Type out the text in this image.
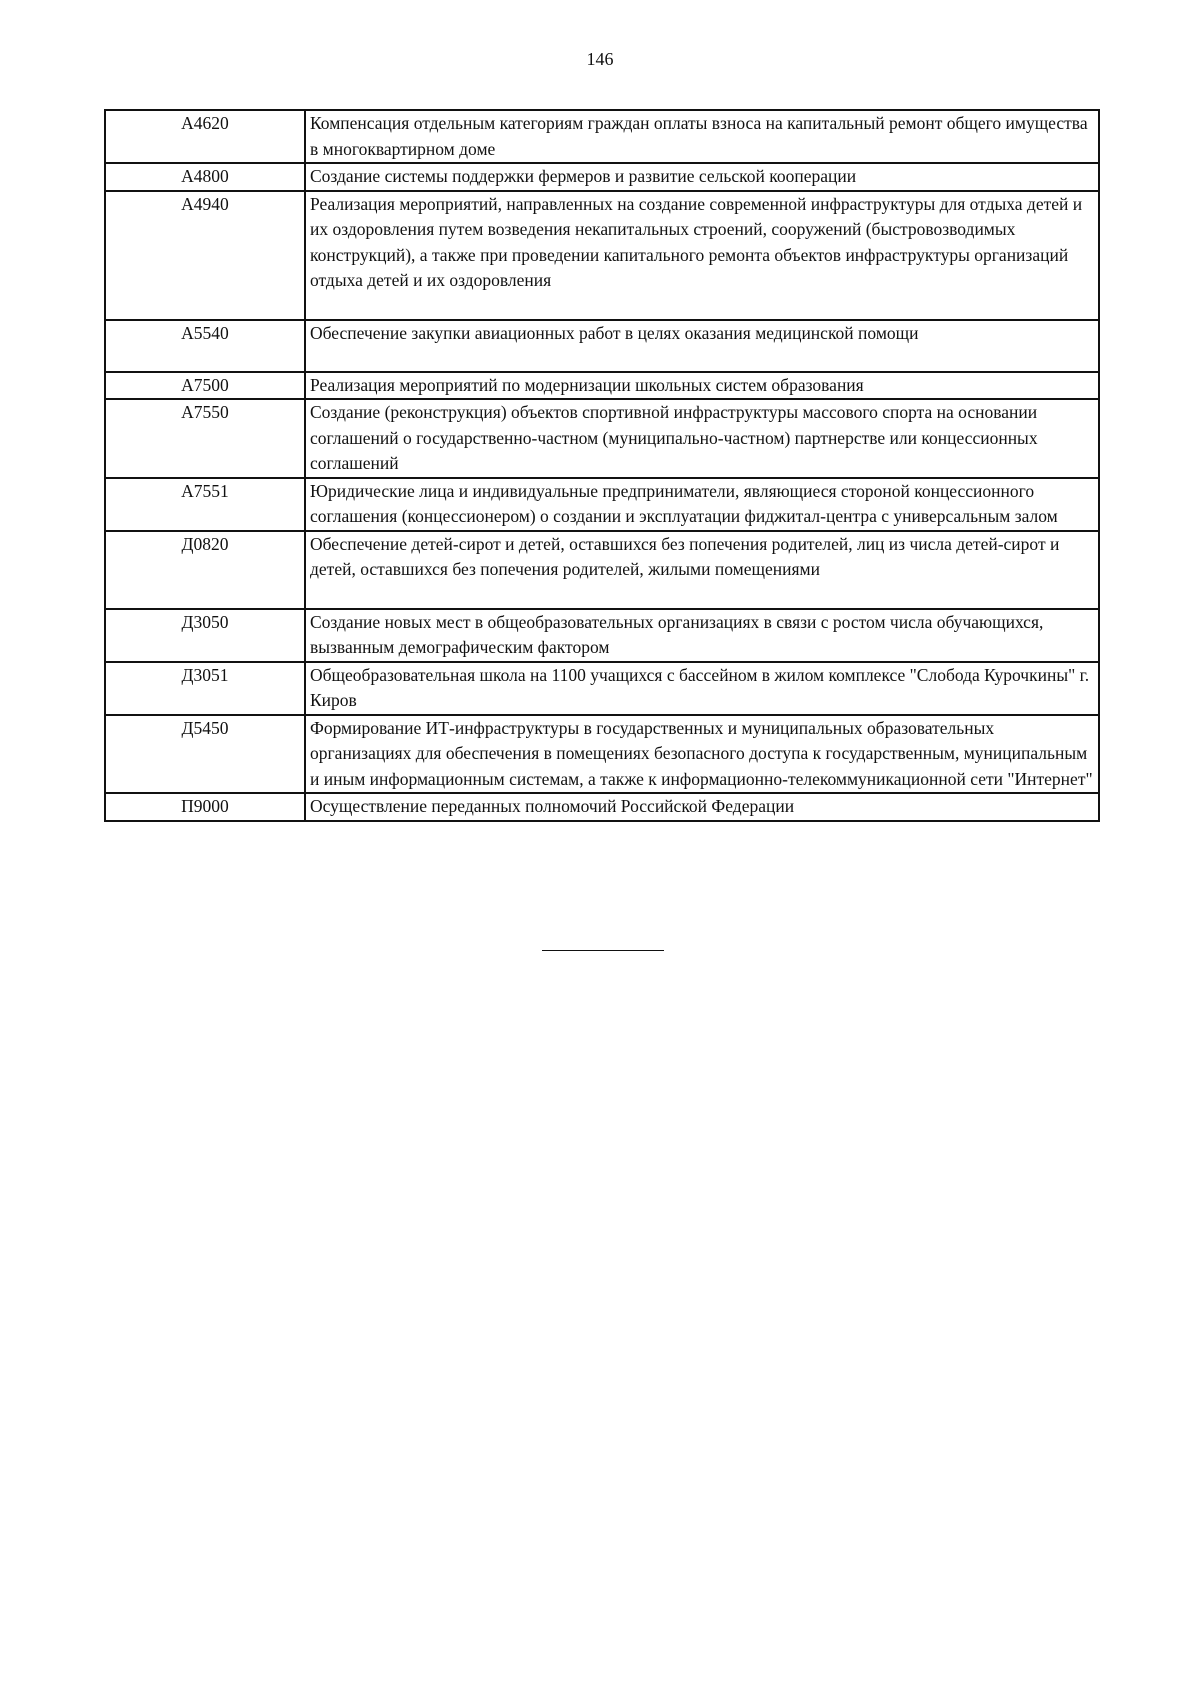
146
А4620	Компенсация отдельным категориям граждан оплаты взноса на капитальный ремонт общего имущества в многоквартирном доме
А4800	Создание системы поддержки фермеров и развитие сельской кооперации
А4940	Реализация мероприятий, направленных на создание современной инфраструктуры для отдыха детей и их оздоровления путем возведения некапитальных строений, сооружений (быстровозводимых конструкций), а также при проведении капитального ремонта объектов инфраструктуры организаций отдыха детей и их оздоровления
А5540	Обеспечение закупки авиационных работ в целях оказания медицинской помощи
А7500	Реализация мероприятий по модернизации школьных систем образования
А7550	Создание (реконструкция) объектов спортивной инфраструктуры массового спорта на основании соглашений о государственно-частном (муниципально-частном) партнерстве или концессионных соглашений
А7551	Юридические лица и индивидуальные предприниматели, являющиеся стороной концессионного соглашения (концессионером) о создании и эксплуатации фиджитал-центра с универсальным залом
Д0820	Обеспечение детей-сирот и детей, оставшихся без попечения родителей, лиц из числа детей-сирот и детей, оставшихся без попечения родителей, жилыми помещениями
Д3050	Создание новых мест в общеобразовательных организациях в связи с ростом числа обучающихся, вызванным демографическим фактором
Д3051	Общеобразовательная школа на 1100 учащихся с бассейном в жилом комплексе "Слобода Курочкины" г. Киров
Д5450	Формирование ИТ-инфраструктуры в государственных и муниципальных образовательных организациях для обеспечения в помещениях безопасного доступа к государственным, муниципальным и иным информационным системам, а также к информационно-телекоммуникационной сети "Интернет"
П9000	Осуществление переданных полномочий Российской Федерации
